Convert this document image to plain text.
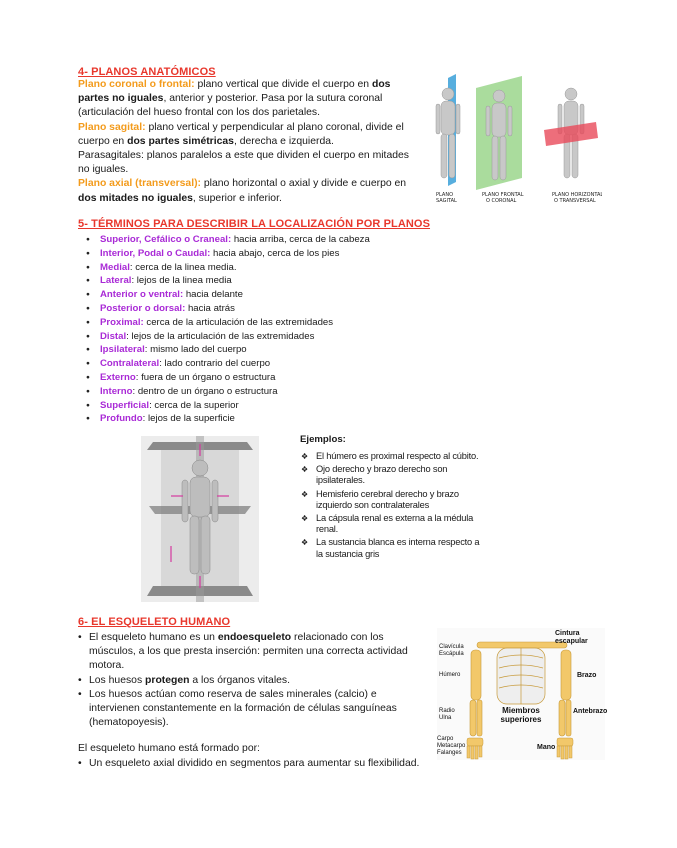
4- PLANOS ANATÓMICOS

Plano coronal o frontal: plano vertical que divide el cuerpo en dos partes no iguales, anterior y posterior. Pasa por la sutura coronal (articulación del hueso frontal con los dos parietales.

Plano sagital: plano vertical y perpendicular al plano coronal, divide el cuerpo en dos partes simétricas, derecha e izquierda.

Parasagitales: planos paralelos a este que dividen el cuerpo en mitades no iguales.

Plano axial (transversal): plano horizontal o axial y divide e cuerpo en dos mitades no iguales, superior e inferior.	PLANO
SAGITAL
PLANO FRONTAL
O CORONAL
PLANO HORIZONTAL
O TRANSVERSAL

5- TÉRMINOS PARA DESCRIBIR LA LOCALIZACIÓN POR PLANOS

● Superior, Cefálico o Craneal: hacia arriba, cerca de la cabeza
● Interior, Podal o Caudal: hacia abajo, cerca de los pies
● Medial: cerca de la linea media.
● Lateral: lejos de la linea media
● Anterior o ventral: hacia delante
● Posterior o dorsal: hacia atrás
● Proximal: cerca de la articulación de las extremidades
● Distal: lejos de la articulación de las extremidades
● Ipsilateral: mismo lado del cuerpo
● Contralateral: lado contrario del cuerpo
● Externo: fuera de un órgano o estructura
● Interno: dentro de un órgano o estructura
● Superficial: cerca de la superior
● Profundo: lejos de la superficie

Ejemplos:

❖ El húmero es proximal respecto al cúbito.
❖ Ojo derecho y brazo derecho son ipsilaterales.
❖ Hemisferio cerebral derecho y brazo izquierdo son contralaterales
❖ La cápsula renal es externa a la médula renal.
❖ La sustancia blanca es interna respecto a la sustancia gris

6- EL ESQUELETO HUMANO

• El esqueleto humano es un endoesqueleto relacionado con los músculos, a los que presta inserción: permiten una correcta actividad motora.
• Los huesos protegen a los órganos vitales.
• Los huesos actúan como reserva de sales minerales (calcio) e intervienen constantemente en la formación de células sanguíneas (hematopoyesis).

El esqueleto humano está formado por:

• Un esqueleto axial dividido en segmentos para aumentar su flexibilidad.
Cintura escapular
Clavícula Escápula
Húmero	Brazo
Miembros superiores
Radio Ulna
Antebrazo
Carpo Metacarpo Falanges
Mano
